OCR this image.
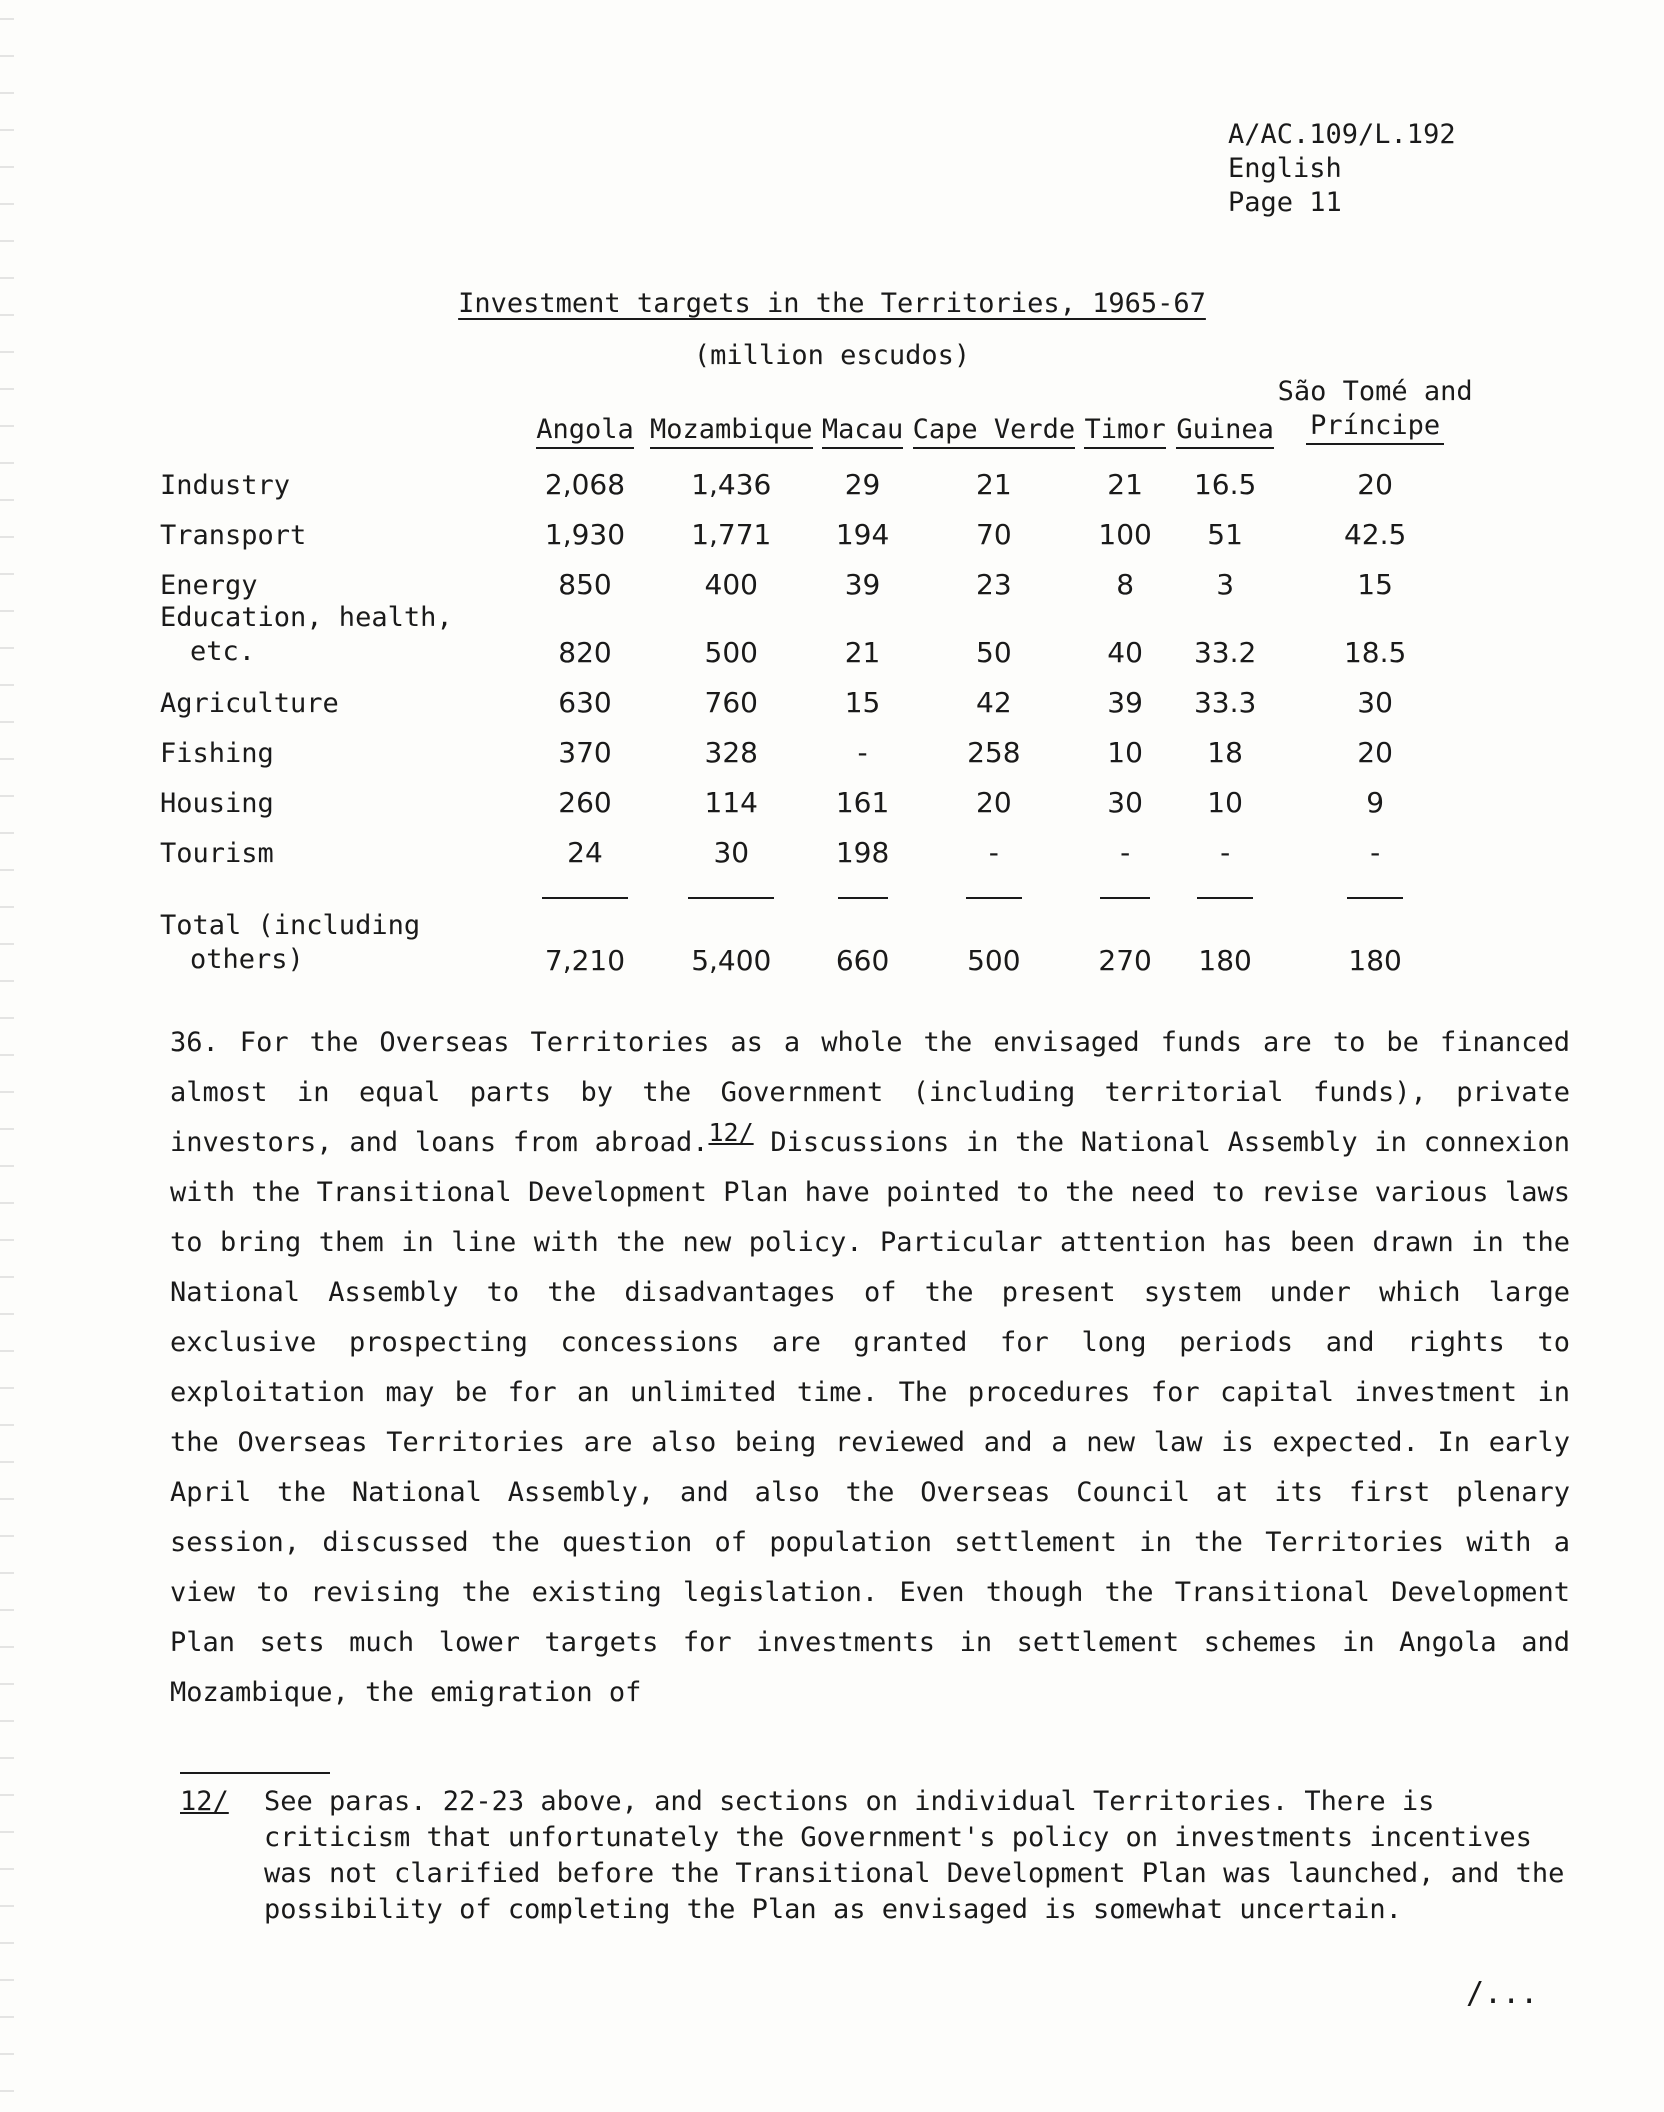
A/AC.109/L.192
English
Page 11
Investment targets in the Territories, 1965-67
(million escudos)
	Angola	Mozambique	Macau	Cape Verde	Timor	Guinea	São Tomé and
Príncipe

Industry	2,068	1,436	29	21	21	16.5	20
Transport	1,930	1,771	194	70	100	51	42.5
Energy	850	400	39	23	8	3	15

Education, health,
etc.	820	500	21	50	40	33.2	18.5
Agriculture	630	760	15	42	39	33.3	30
Fishing	370	328	-	258	10	18	20
Housing	260	114	161	20	30	10	9
Tourism	24	30	198	-	-	-	-

Total (including
others)	7,210	5,400	660	500	270	180	180
36. For the Overseas Territories as a whole the envisaged funds are to be financed almost in equal parts by the Government (including territorial funds), private investors, and loans from abroad.12/ Discussions in the National Assembly in connexion with the Transitional Development Plan have pointed to the need to revise various laws to bring them in line with the new policy. Particular attention has been drawn in the National Assembly to the disadvantages of the present system under which large exclusive prospecting concessions are granted for long periods and rights to exploitation may be for an unlimited time. The procedures for capital investment in the Overseas Territories are also being reviewed and a new law is expected. In early April the National Assembly, and also the Overseas Council at its first plenary session, discussed the question of population settlement in the Territories with a view to revising the existing legislation. Even though the Transitional Development Plan sets much lower targets for investments in settlement schemes in Angola and Mozambique, the emigration of
12/	See paras. 22-23 above, and sections on individual Territories. There is criticism that unfortunately the Government's policy on investments incentives was not clarified before the Transitional Development Plan was launched, and the possibility of completing the Plan as envisaged is somewhat uncertain.
/...
